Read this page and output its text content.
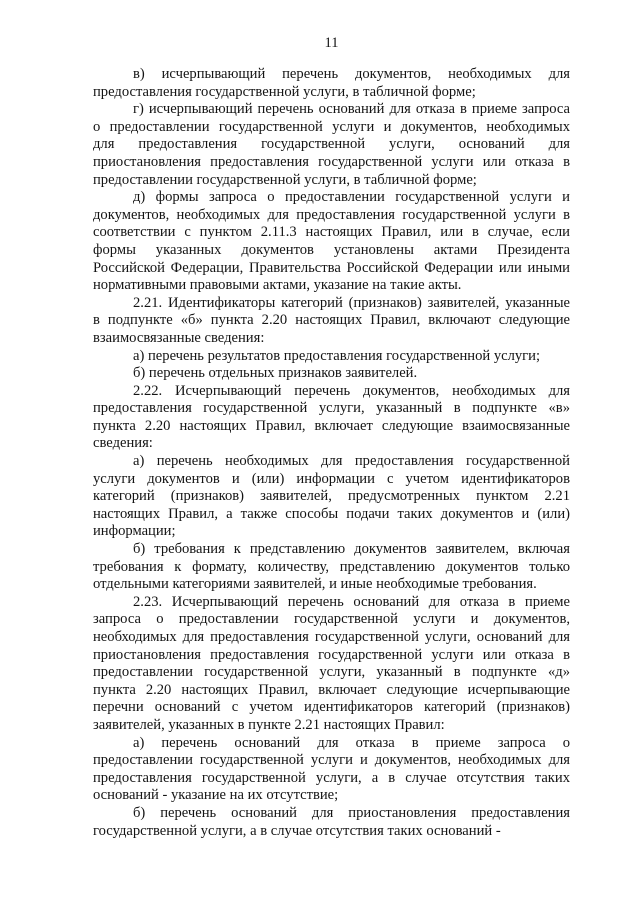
11
в) исчерпывающий перечень документов, необходимых для
предоставления государственной услуги, в табличной форме;
г) исчерпывающий перечень оснований для отказа в приеме запроса
о предоставлении государственной услуги и документов, необходимых
для предоставления государственной услуги, оснований для
приостановления предоставления государственной услуги или отказа в
предоставлении государственной услуги, в табличной форме;
д) формы запроса о предоставлении государственной услуги и
документов, необходимых для предоставления государственной услуги в
соответствии с пунктом 2.11.3 настоящих Правил, или в случае, если
формы указанных документов установлены актами Президента
Российской Федерации, Правительства Российской Федерации или иными
нормативными правовыми актами, указание на такие акты.
2.21. Идентификаторы категорий (признаков) заявителей, указанные
в подпункте «б» пункта 2.20 настоящих Правил, включают следующие
взаимосвязанные сведения:
а) перечень результатов предоставления государственной услуги;
б) перечень отдельных признаков заявителей.
2.22. Исчерпывающий перечень документов, необходимых для
предоставления государственной услуги, указанный в подпункте «в»
пункта 2.20 настоящих Правил, включает следующие взаимосвязанные
сведения:
а) перечень необходимых для предоставления государственной
услуги документов и (или) информации с учетом идентификаторов
категорий (признаков) заявителей, предусмотренных пунктом 2.21
настоящих Правил, а также способы подачи таких документов и (или)
информации;
б) требования к представлению документов заявителем, включая
требования к формату, количеству, представлению документов только
отдельными категориями заявителей, и иные необходимые требования.
2.23. Исчерпывающий перечень оснований для отказа в приеме
запроса о предоставлении государственной услуги и документов,
необходимых для предоставления государственной услуги, оснований для
приостановления предоставления государственной услуги или отказа в
предоставлении государственной услуги, указанный в подпункте «д»
пункта 2.20 настоящих Правил, включает следующие исчерпывающие
перечни оснований с учетом идентификаторов категорий (признаков)
заявителей, указанных в пункте 2.21 настоящих Правил:
а) перечень оснований для отказа в приеме запроса о
предоставлении государственной услуги и документов, необходимых для
предоставления государственной услуги, а в случае отсутствия таких
оснований - указание на их отсутствие;
б) перечень оснований для приостановления предоставления
государственной услуги, а в случае отсутствия таких оснований -
